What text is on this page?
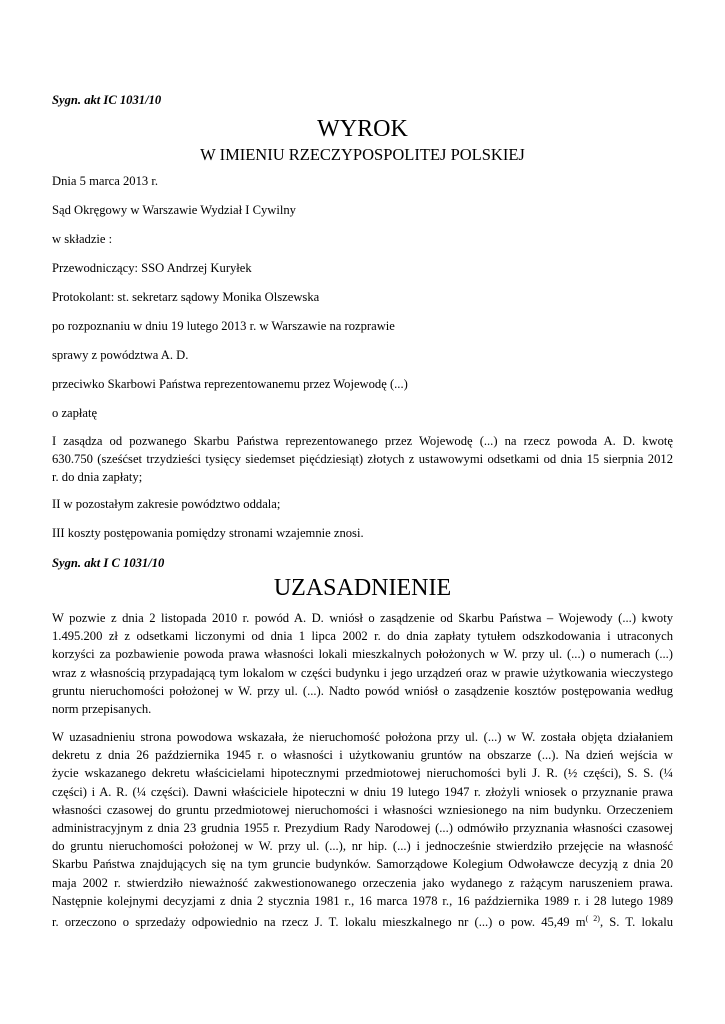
Sygn. akt IC 1031/10
WYROK
W IMIENIU RZECZYPOSPOLITEJ POLSKIEJ
Dnia 5 marca 2013 r.
Sąd Okręgowy w Warszawie Wydział I Cywilny
w składzie :
Przewodniczący: SSO Andrzej Kuryłek
Protokolant: st. sekretarz sądowy Monika Olszewska
po rozpoznaniu w dniu 19 lutego 2013 r. w Warszawie na rozprawie
sprawy z powództwa A. D.
przeciwko Skarbowi Państwa reprezentowanemu przez Wojewodę (...)
o zapłatę
I zasądza od pozwanego Skarbu Państwa reprezentowanego przez Wojewodę (...) na rzecz powoda A. D. kwotę
630.750 (sześćset trzydzieści tysięcy siedemset pięćdziesiąt) złotych z ustawowymi odsetkami od dnia 15 sierpnia 2012
r. do dnia zapłaty;
II w pozostałym zakresie powództwo oddala;
III koszty postępowania pomiędzy stronami wzajemnie znosi.
Sygn. akt I C 1031/10
UZASADNIENIE
W pozwie z dnia 2 listopada 2010 r. powód A. D. wniósł o zasądzenie od Skarbu Państwa – Wojewody (...) kwoty
1.495.200 zł z odsetkami liczonymi od dnia 1 lipca 2002 r. do dnia zapłaty tytułem odszkodowania i utraconych
korzyści za pozbawienie powoda prawa własności lokali mieszkalnych położonych w W. przy ul. (...) o numerach (...)
wraz z własnością przypadającą tym lokalom w części budynku i jego urządzeń oraz w prawie użytkowania wieczystego
gruntu nieruchomości położonej w W. przy ul. (...). Nadto powód wniósł o zasądzenie kosztów postępowania według
norm przepisanych.
W uzasadnieniu strona powodowa wskazała, że nieruchomość położona przy ul. (...) w W. została objęta działaniem
dekretu z dnia 26 października 1945 r. o własności i użytkowaniu gruntów na obszarze (...). Na dzień wejścia w
życie wskazanego dekretu właścicielami hipotecznymi przedmiotowej nieruchomości byli J. R. (½ części), S. S. (¼
części) i A. R. (¼ części). Dawni właściciele hipoteczni w dniu 19 lutego 1947 r. złożyli wniosek o przyznanie prawa
własności czasowej do gruntu przedmiotowej nieruchomości i własności wzniesionego na nim budynku. Orzeczeniem
administracyjnym z dnia 23 grudnia 1955 r. Prezydium Rady Narodowej (...) odmówiło przyznania własności czasowej
do gruntu nieruchomości położonej w W. przy ul. (...), nr hip. (...) i jednocześnie stwierdziło przejęcie na własność
Skarbu Państwa znajdujących się na tym gruncie budynków. Samorządowe Kolegium Odwoławcze decyzją z dnia 20
maja 2002 r. stwierdziło nieważność zakwestionowanego orzeczenia jako wydanego z rażącym naruszeniem prawa.
Następnie kolejnymi decyzjami z dnia 2 stycznia 1981 r., 16 marca 1978 r., 16 października 1989 r. i 28 lutego 1989
r. orzeczono o sprzedaży odpowiednio na rzecz J. T. lokalu mieszkalnego nr (...) o pow. 45,49 $m^{( 2)}$, S. T. lokalu
